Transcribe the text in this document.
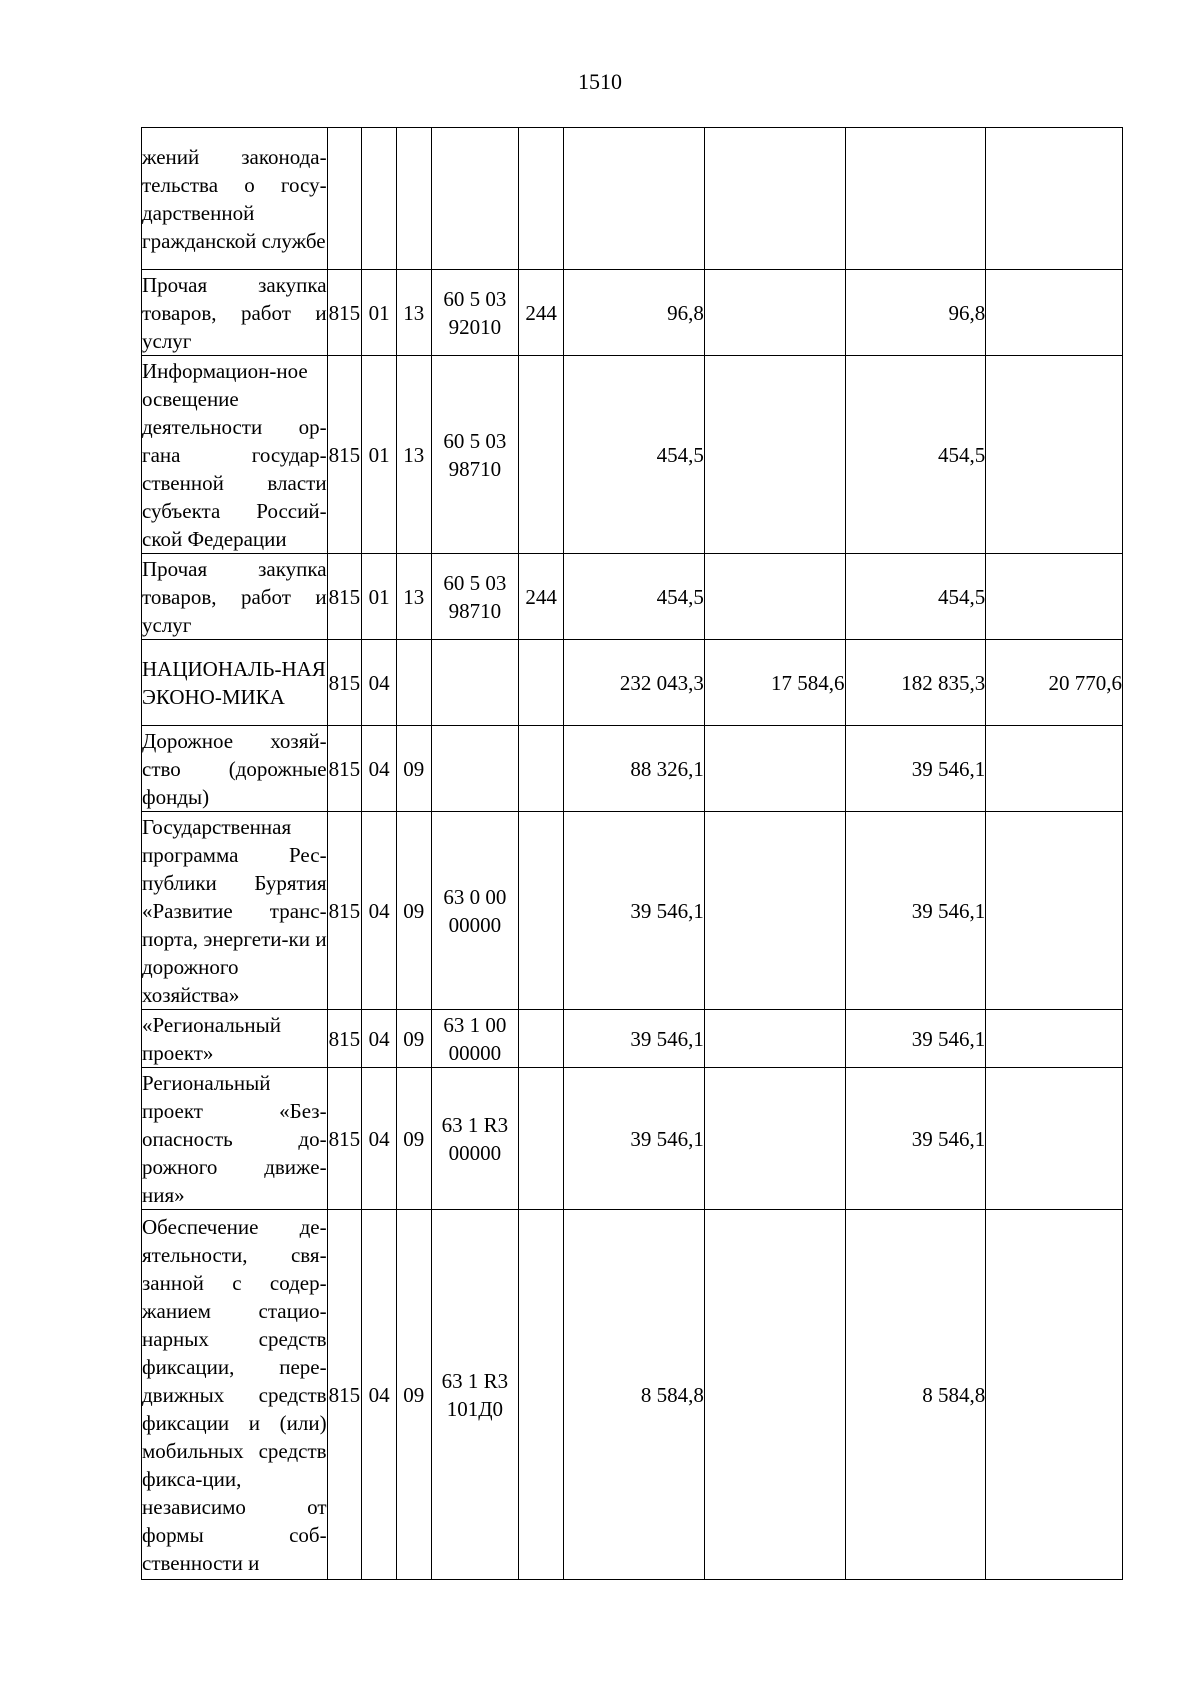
1510
жений законода-тельства о госу-дарственной гражданской службе									
Прочая закупка товаров, работ и услуг	815	01	13	60 5 03 92010	244	96,8		96,8	
Информацион-ное освещение деятельности ор-гана государ-ственной власти субъекта Россий-ской Федерации	815	01	13	60 5 03 98710		454,5		454,5	
Прочая закупка товаров, работ и услуг	815	01	13	60 5 03 98710	244	454,5		454,5	
НАЦИОНАЛЬ-НАЯ ЭКОНО-МИКА	815	04				232 043,3	17 584,6	182 835,3	20 770,6
Дорожное хозяй-ство (дорожные фонды)	815	04	09			88 326,1		39 546,1	
Государственная программа Рес-публики Бурятия «Развитие транс-порта, энергети-ки и дорожного хозяйства»	815	04	09	63 0 00 00000		39 546,1		39 546,1	
«Региональный проект»	815	04	09	63 1 00 00000		39 546,1		39 546,1	
Региональный проект «Без-опасность до-рожного движе-ния»	815	04	09	63 1 R3 00000		39 546,1		39 546,1	
Обеспечение де-ятельности, свя-занной с содер-жанием стацио-нарных средств фиксации, пере-движных средств фиксации и (или) мобильных средств фикса-ции, независимо от формы соб-ственности и	815	04	09	63 1 R3 101Д0		8 584,8		8 584,8	
